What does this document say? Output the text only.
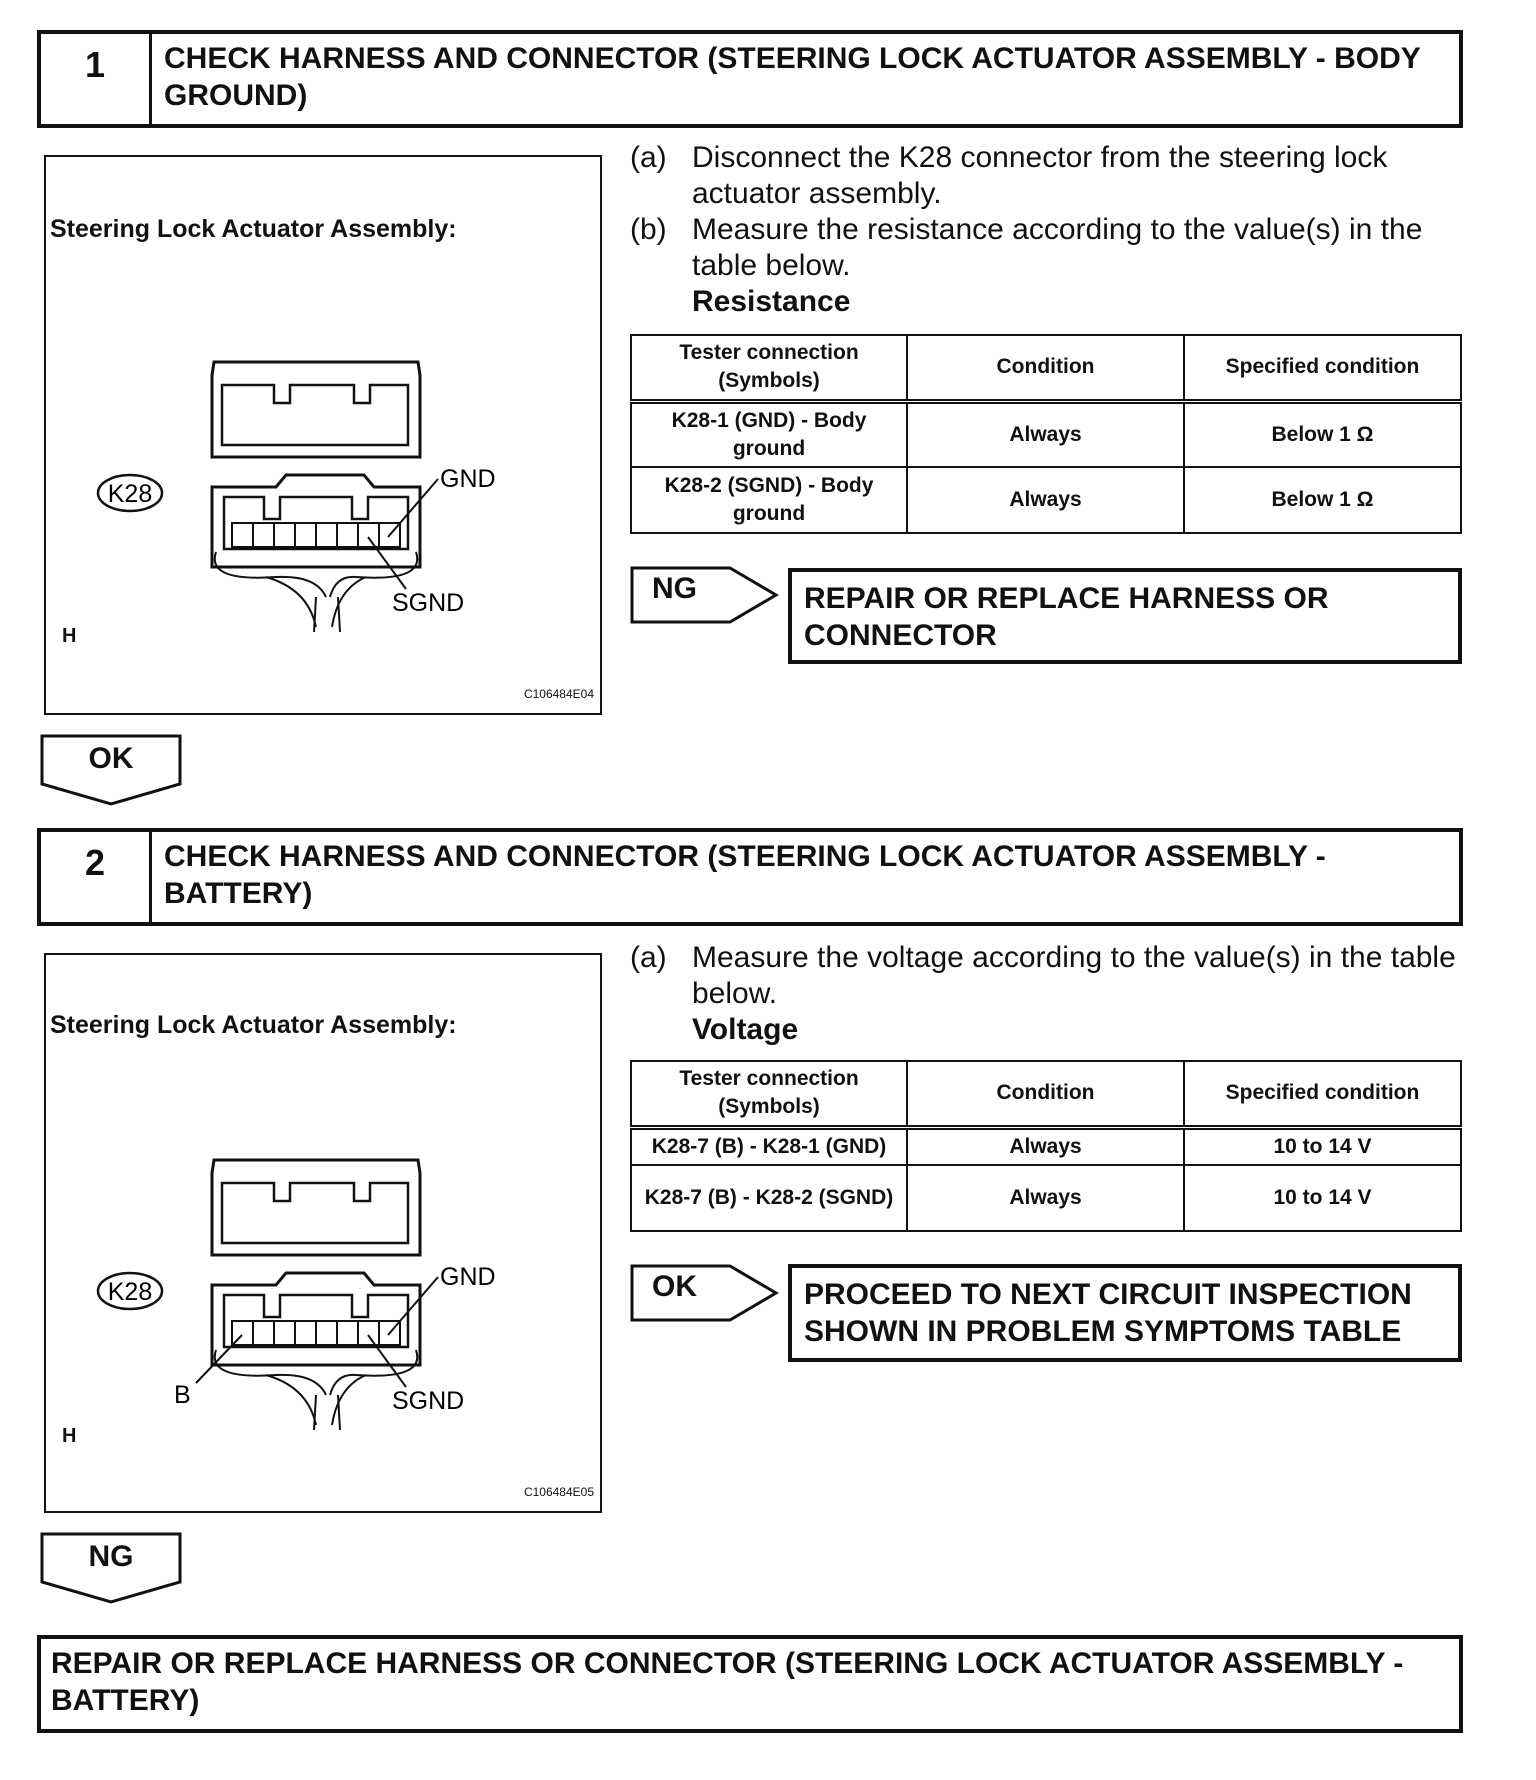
1	CHECK HARNESS AND CONNECTOR (STEERING LOCK ACTUATOR ASSEMBLY - BODY GROUND)
Steering Lock Actuator Assembly:
K28
GND
SGND
H
C106484E04
(a) Disconnect the K28 connector from the steering lock actuator assembly.
(b) Measure the resistance according to the value(s) in the table below.
Resistance
Tester connection (Symbols)	Condition	Specified condition
K28-1 (GND) - Body ground	Always	Below 1 Ω
K28-2 (SGND) - Body ground	Always	Below 1 Ω
NG	REPAIR OR REPLACE HARNESS OR CONNECTOR
OK
2	CHECK HARNESS AND CONNECTOR (STEERING LOCK ACTUATOR ASSEMBLY - BATTERY)
Steering Lock Actuator Assembly:
K28
GND
SGND
B
H
C106484E05
(a) Measure the voltage according to the value(s) in the table below.
Voltage
Tester connection (Symbols)	Condition	Specified condition
K28-7 (B) - K28-1 (GND)	Always	10 to 14 V
K28-7 (B) - K28-2 (SGND)	Always	10 to 14 V
OK	PROCEED TO NEXT CIRCUIT INSPECTION SHOWN IN PROBLEM SYMPTOMS TABLE
NG
REPAIR OR REPLACE HARNESS OR CONNECTOR (STEERING LOCK ACTUATOR ASSEMBLY - BATTERY)
